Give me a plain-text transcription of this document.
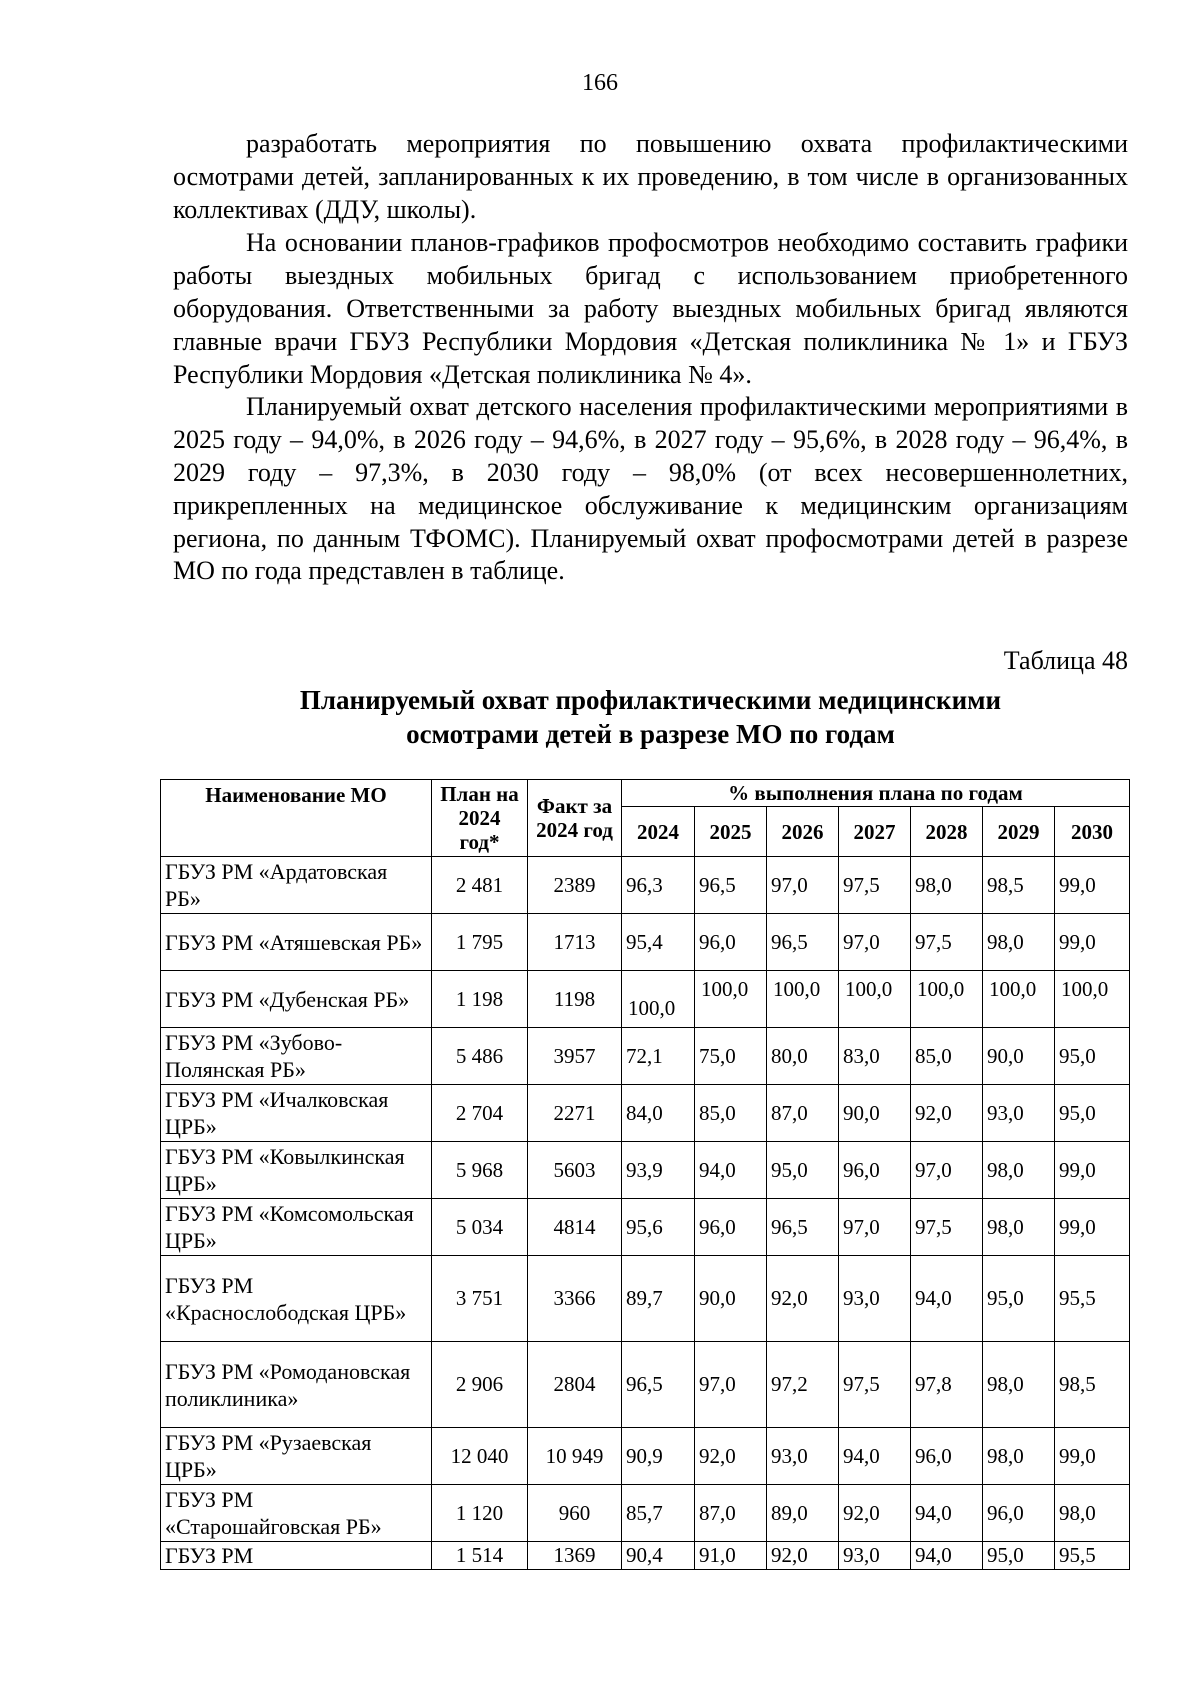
166

разработать мероприятия по повышению охвата профилактическими осмотрами детей, запланированных к их проведению, в том числе в организованных коллективах (ДДУ, школы).

На основании планов-графиков профосмотров необходимо составить графики работы выездных мобильных бригад с использованием приобретенного оборудования. Ответственными за работу выездных мобильных бригад являются главные врачи ГБУЗ Республики Мордовия «Детская поликлиника № 1» и ГБУЗ Республики Мордовия «Детская поликлиника № 4».

Планируемый охват детского населения профилактическими мероприятиями в 2025 году – 94,0%, в 2026 году – 94,6%, в 2027 году – 95,6%, в 2028 году – 96,4%, в 2029 году – 97,3%, в 2030 году – 98,0% (от всех несовершеннолетних, прикрепленных на медицинское обслуживание к медицинским организациям региона, по данным ТФОМС). Планируемый охват профосмотрами детей в разрезе МО по года представлен в таблице.

Таблица 48
Планируемый охват профилактическими медицинскими
осмотрами детей в разрезе МО по годам
Наименование МО	План на 2024 год*	Факт за 2024 год	% выполнения плана по годам						
			2024	2025	2026	2027	2028	2029	2030
ГБУЗ РМ «Ардатовская РБ»	2 481	2389	96,3	96,5	97,0	97,5	98,0	98,5	99,0
ГБУЗ РМ «Атяшевская РБ»	1 795	1713	95,4	96,0	96,5	97,0	97,5	98,0	99,0
ГБУЗ РМ «Дубенская РБ»	1 198	1198	100,0	100,0	100,0	100,0	100,0	100,0	100,0
ГБУЗ РМ «Зубово-Полянская РБ»	5 486	3957	72,1	75,0	80,0	83,0	85,0	90,0	95,0
ГБУЗ РМ «Ичалковская ЦРБ»	2 704	2271	84,0	85,0	87,0	90,0	92,0	93,0	95,0
ГБУЗ РМ «Ковылкинская ЦРБ»	5 968	5603	93,9	94,0	95,0	96,0	97,0	98,0	99,0
ГБУЗ РМ «Комсомольская ЦРБ»	5 034	4814	95,6	96,0	96,5	97,0	97,5	98,0	99,0
ГБУЗ РМ «Краснослободская ЦРБ»	3 751	3366	89,7	90,0	92,0	93,0	94,0	95,0	95,5
ГБУЗ РМ «Ромодановская поликлиника»	2 906	2804	96,5	97,0	97,2	97,5	97,8	98,0	98,5
ГБУЗ РМ «Рузаевская ЦРБ»	12 040	10 949	90,9	92,0	93,0	94,0	96,0	98,0	99,0
ГБУЗ РМ «Старошайговская РБ»	1 120	960	85,7	87,0	89,0	92,0	94,0	96,0	98,0
ГБУЗ РМ	1 514	1369	90,4	91,0	92,0	93,0	94,0	95,0	95,5
